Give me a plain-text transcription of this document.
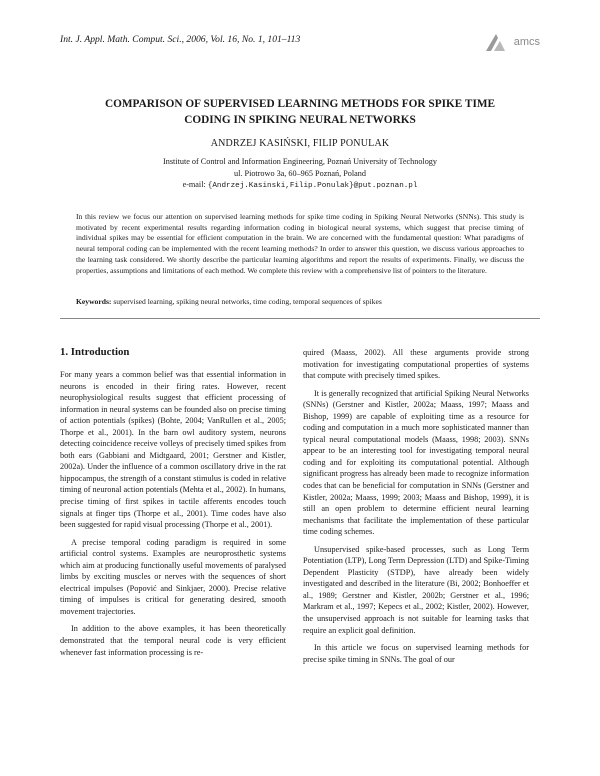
Int. J. Appl. Math. Comput. Sci., 2006, Vol. 16, No. 1, 101–113	amcs
COMPARISON OF SUPERVISED LEARNING METHODS FOR SPIKE TIME
CODING IN SPIKING NEURAL NETWORKS
ANDRZEJ KASIŃSKI, FILIP PONULAK
Institute of Control and Information Engineering, Poznań University of Technology
ul. Piotrowo 3a, 60–965 Poznań, Poland
e-mail: {Andrzej.Kasinski,Filip.Ponulak}@put.poznan.pl
In this review we focus our attention on supervised learning methods for spike time coding in Spiking Neural Networks (SNNs). This study is motivated by recent experimental results regarding information coding in biological neural systems, which suggest that precise timing of individual spikes may be essential for efficient computation in the brain. We are concerned with the fundamental question: What paradigms of neural temporal coding can be implemented with the recent learning methods? In order to answer this question, we discuss various approaches to the learning task considered. We shortly describe the particular learning algorithms and report the results of experiments. Finally, we discuss the properties, assumptions and limitations of each method. We complete this review with a comprehensive list of pointers to the literature.
Keywords: supervised learning, spiking neural networks, time coding, temporal sequences of spikes
1. Introduction

For many years a common belief was that essential information in neurons is encoded in their firing rates. However, recent neurophysiological results suggest that efficient processing of information in neural systems can be founded also on precise timing of action potentials (spikes) (Bohte, 2004; VanRullen et al., 2005; Thorpe et al., 2001). In the barn owl auditory system, neurons detecting coincidence receive volleys of precisely timed spikes from both ears (Gabbiani and Midtgaard, 2001; Gerstner and Kistler, 2002a). Under the influence of a common oscillatory drive in the rat hippocampus, the strength of a constant stimulus is coded in relative timing of neuronal action potentials (Mehta et al., 2002). In humans, precise timing of first spikes in tactile afferents encodes touch signals at finger tips (Thorpe et al., 2001). Time codes have also been suggested for rapid visual processing (Thorpe et al., 2001).

A precise temporal coding paradigm is required in some artificial control systems. Examples are neuroprosthetic systems which aim at producing functionally useful movements of paralysed limbs by exciting muscles or nerves with the sequences of short electrical impulses (Popović and Sinkjaer, 2000). Precise relative timing of impulses is critical for generating desired, smooth movement trajectories.

In addition to the above examples, it has been theoretically demonstrated that the temporal neural code is very efficient whenever fast information processing is re-

quired (Maass, 2002). All these arguments provide strong motivation for investigating computational properties of systems that compute with precisely timed spikes.

It is generally recognized that artificial Spiking Neural Networks (SNNs) (Gerstner and Kistler, 2002a; Maass, 1997; Maass and Bishop, 1999) are capable of exploiting time as a resource for coding and computation in a much more sophisticated manner than typical neural computational models (Maass, 1998; 2003). SNNs appear to be an interesting tool for investigating temporal neural coding and for exploiting its computational potential. Although significant progress has already been made to recognize information codes that can be beneficial for computation in SNNs (Gerstner and Kistler, 2002a; Maass, 1999; 2003; Maass and Bishop, 1999), it is still an open problem to determine efficient neural learning mechanisms that facilitate the implementation of these particular time coding schemes.

Unsupervised spike-based processes, such as Long Term Potentiation (LTP), Long Term Depression (LTD) and Spike-Timing Dependent Plasticity (STDP), have already been widely investigated and described in the literature (Bi, 2002; Bonhoeffer et al., 1989; Gerstner and Kistler, 2002b; Gerstner et al., 1996; Markram et al., 1997; Kepecs et al., 2002; Kistler, 2002). However, the unsupervised approach is not suitable for learning tasks that require an explicit goal definition.

In this article we focus on supervised learning methods for precise spike timing in SNNs. The goal of our
